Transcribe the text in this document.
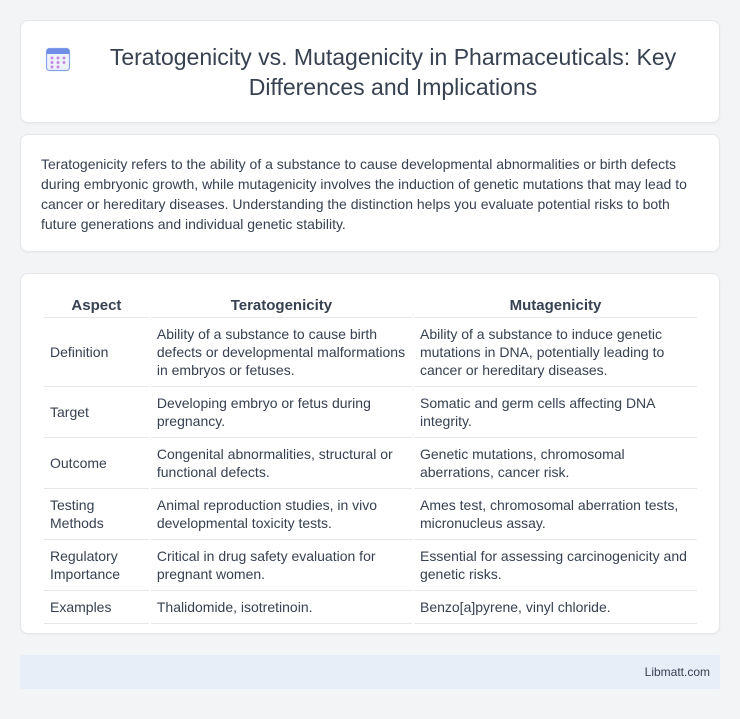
Teratogenicity vs. Mutagenicity in Pharmaceuticals: Key Differences and Implications

Teratogenicity refers to the ability of a substance to cause developmental abnormalities or birth defects during embryonic growth, while mutagenicity involves the induction of genetic mutations that may lead to cancer or hereditary diseases. Understanding the distinction helps you evaluate potential risks to both future generations and individual genetic stability.

Aspect	Teratogenicity	Mutagenicity
Definition	Ability of a substance to cause birth defects or developmental malformations in embryos or fetuses.	Ability of a substance to induce genetic mutations in DNA, potentially leading to cancer or hereditary diseases.
Target	Developing embryo or fetus during pregnancy.	Somatic and germ cells affecting DNA integrity.
Outcome	Congenital abnormalities, structural or functional defects.	Genetic mutations, chromosomal aberrations, cancer risk.
Testing Methods	Animal reproduction studies, in vivo developmental toxicity tests.	Ames test, chromosomal aberration tests, micronucleus assay.
Regulatory Importance	Critical in drug safety evaluation for pregnant women.	Essential for assessing carcinogenicity and genetic risks.
Examples	Thalidomide, isotretinoin.	Benzo[a]pyrene, vinyl chloride.
Libmatt.com
